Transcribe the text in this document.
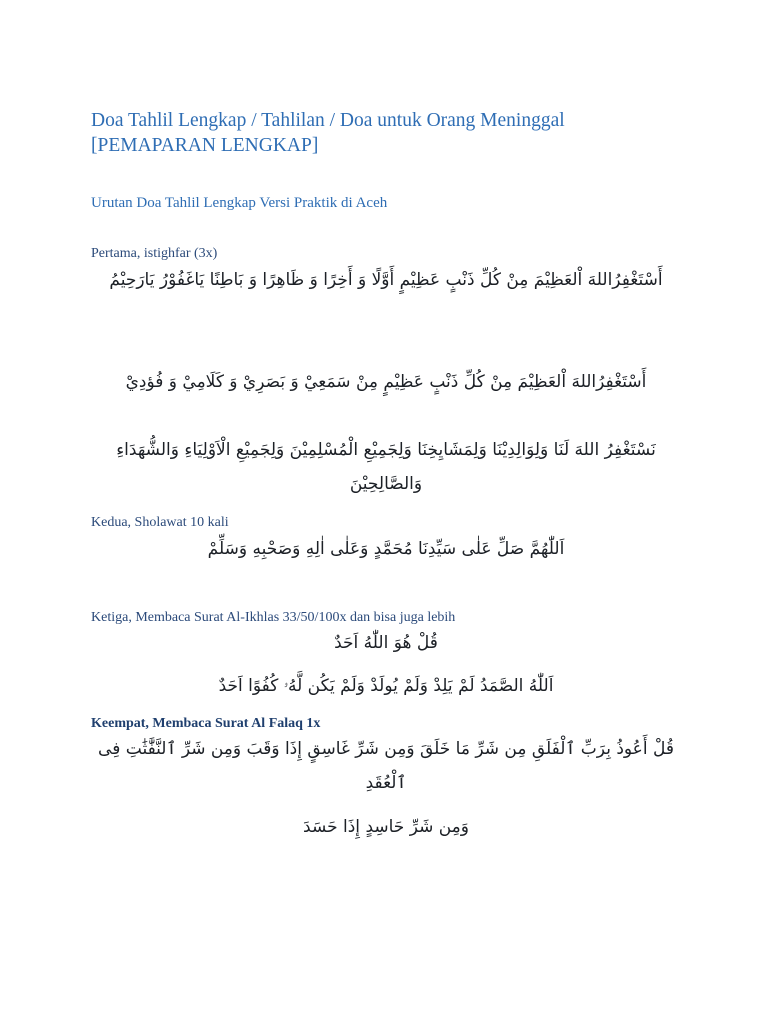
Doa Tahlil Lengkap / Tahlilan / Doa untuk Orang Meninggal [PEMAPARAN LENGKAP]
Urutan Doa Tahlil Lengkap Versi Praktik di Aceh
Pertama, istighfar (3x)
أَسْتَغْفِرُاللهَ اْلعَظِيْمَ مِنْ كُلِّ ذَنْبٍ عَظِيْمٍ أَوَّلًا وَ أَخِرًا وَ ظَاهِرًا وَ بَاطِنًا يَاغَفُوْرُ يَارَحِيْمُ
أَسْتَغْفِرُاللهَ اْلعَظِيْمَ مِنْ كُلِّ ذَنْبٍ عَظِيْمٍ مِنْ سَمَعِيْ وَ بَصَرِيْ وَ كَلَامِيْ وَ فُؤدِيْ
نَسْتَغْفِرُ اللهَ لَنَا وَلِوَالِدِيْنَا وَلِمَشَايِخِنَا وَلِجَمِيْعِ الْمُسْلِمِيْنَ وَلِجَمِيْعِ الْاَوْلِيَاءِ وَالشُّهَدَاءِ وَالصَّالِحِيْنَ
Kedua, Sholawat 10 kali
اَللّٰهُمَّ صَلِّ عَلٰى سَيِّدِنَا مُحَمَّدٍ وَعَلٰى اٰلِهِ وَصَحْبِهِ وَسَلِّمْ
Ketiga, Membaca Surat Al-Ikhlas 33/50/100x dan bisa juga lebih
قُلْ هُوَ اللّٰهُ اَحَدٌ
اَللّٰهُ الصَّمَدُ لَمْ يَلِدْ وَلَمْ يُولَدْ وَلَمْ يَكُن لَّهُۥ كُفُوًا اَحَدٌ
Keempat, Membaca Surat Al Falaq 1x
قُلْ أَعُوذُ بِرَبِّ ٱلْفَلَقِ مِن شَرِّ مَا خَلَقَ وَمِن شَرِّ غَاسِقٍ إِذَا وَقَبَ وَمِن شَرِّ ٱلنَّفَّٰثَٰتِ فِى ٱلْعُقَدِ
وَمِن شَرِّ حَاسِدٍ إِذَا حَسَدَ
